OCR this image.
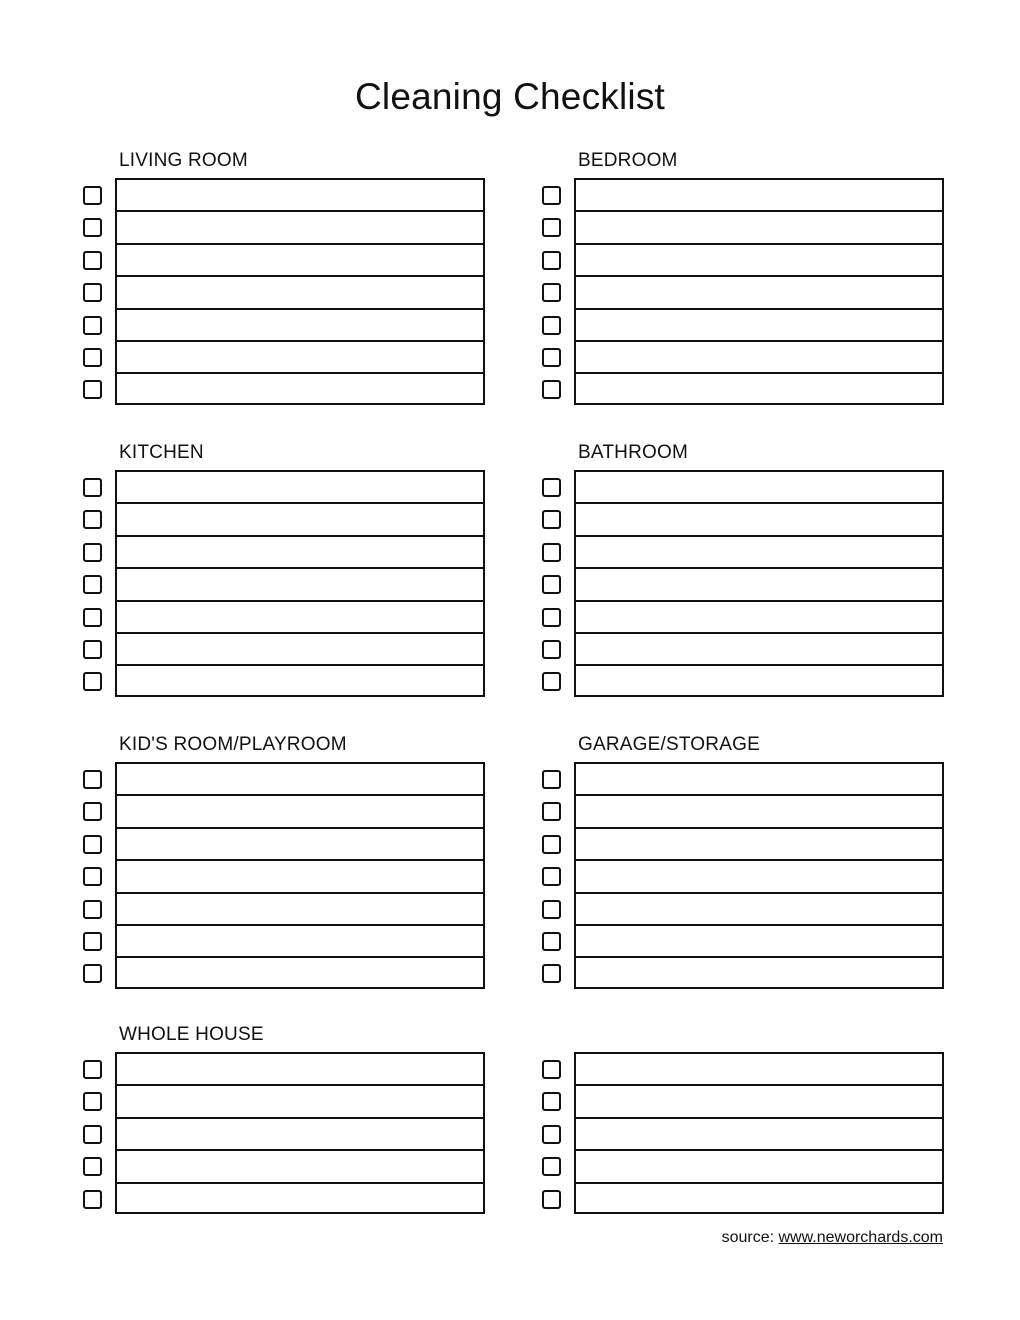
Cleaning Checklist
LIVING ROOM	BEDROOM
KITCHEN	BATHROOM
KID'S ROOM/PLAYROOM	GARAGE/STORAGE
WHOLE HOUSE
source: www.neworchards.com
